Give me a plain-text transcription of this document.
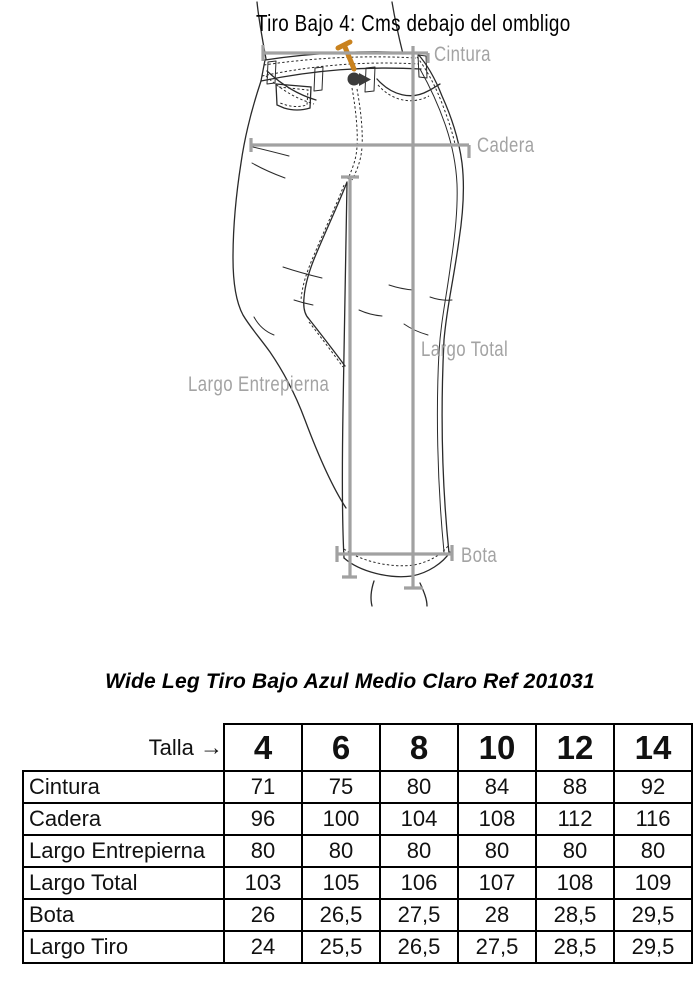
Tiro Bajo 4: Cms debajo del ombligo
Cintura
Cadera
Largo Total
Largo Entrepierna
Bota
Wide Leg Tiro Bajo Azul Medio Claro Ref 201031
Talla →	4	6	8	10	12	14
Cintura	71	75	80	84	88	92
Cadera	96	100	104	108	112	116
Largo Entrepierna	80	80	80	80	80	80
Largo Total	103	105	106	107	108	109
Bota	26	26,5	27,5	28	28,5	29,5
Largo Tiro	24	25,5	26,5	27,5	28,5	29,5
